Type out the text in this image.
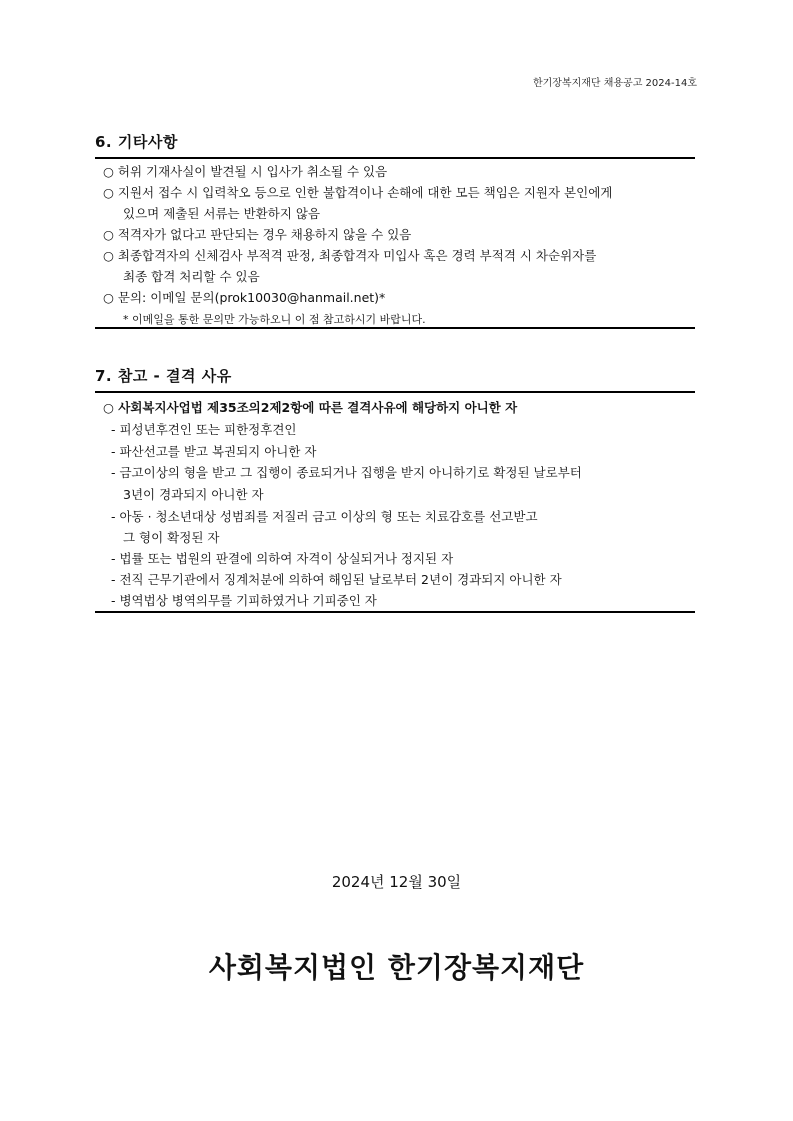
한기장복지재단 채용공고 2024-14호
6. 기타사항
○ 허위 기재사실이 발견될 시 입사가 취소될 수 있음
○ 지원서 접수 시 입력착오 등으로 인한 불합격이나 손해에 대한 모든 책임은 지원자 본인에게
있으며 제출된 서류는 반환하지 않음
○ 적격자가 없다고 판단되는 경우 채용하지 않을 수 있음
○ 최종합격자의 신체검사 부적격 판정, 최종합격자 미입사 혹은 경력 부적격 시 차순위자를
최종 합격 처리할 수 있음
○ 문의: 이메일 문의(prok10030@hanmail.net)*
* 이메일을 통한 문의만 가능하오니 이 점 참고하시기 바랍니다.
7. 참고 - 결격 사유
○ 사회복지사업법 제35조의2제2항에 따른 결격사유에 해당하지 아니한 자
- 피성년후견인 또는 피한정후견인
- 파산선고를 받고 복권되지 아니한 자
- 금고이상의 형을 받고 그 집행이 종료되거나 집행을 받지 아니하기로 확정된 날로부터
3년이 경과되지 아니한 자
- 아동 · 청소년대상 성범죄를 저질러 금고 이상의 형 또는 치료감호를 선고받고
그 형이 확정된 자
- 법률 또는 법원의 판결에 의하여 자격이 상실되거나 정지된 자
- 전직 근무기관에서 징계처분에 의하여 해임된 날로부터 2년이 경과되지 아니한 자
- 병역법상 병역의무를 기피하였거나 기피중인 자
2024년 12월 30일
사회복지법인 한기장복지재단
